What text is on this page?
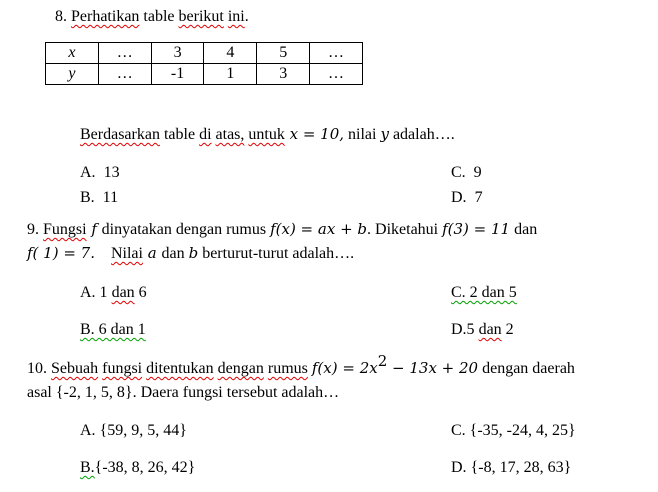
8. Perhatikan table berikut ini.
x	…	3	4	5	…
y	…	-1	1	3	…
Berdasarkan table di atas, untuk x = 10, nilai y adalah….
A. 13
B. 11
C. 9
D. 7
9. Fungsi f dinyatakan dengan rumus f(x) = ax + b. Diketahui f(3) = 11 dan
f( 1) = 7. Nilai a dan b berturut-turut adalah….
A. 1 dan 6
B. 6 dan 1
C. 2 dan 5
D.5 dan 2
10. Sebuah fungsi ditentukan dengan rumus $f(x) = 2x^2 - 13x + 20$ dengan daerah
asal {-2, 1, 5, 8}. Daera fungsi tersebut adalah…
A. {59, 9, 5, 44}
B.{-38, 8, 26, 42}
C. {-35, -24, 4, 25}
D. {-8, 17, 28, 63}
